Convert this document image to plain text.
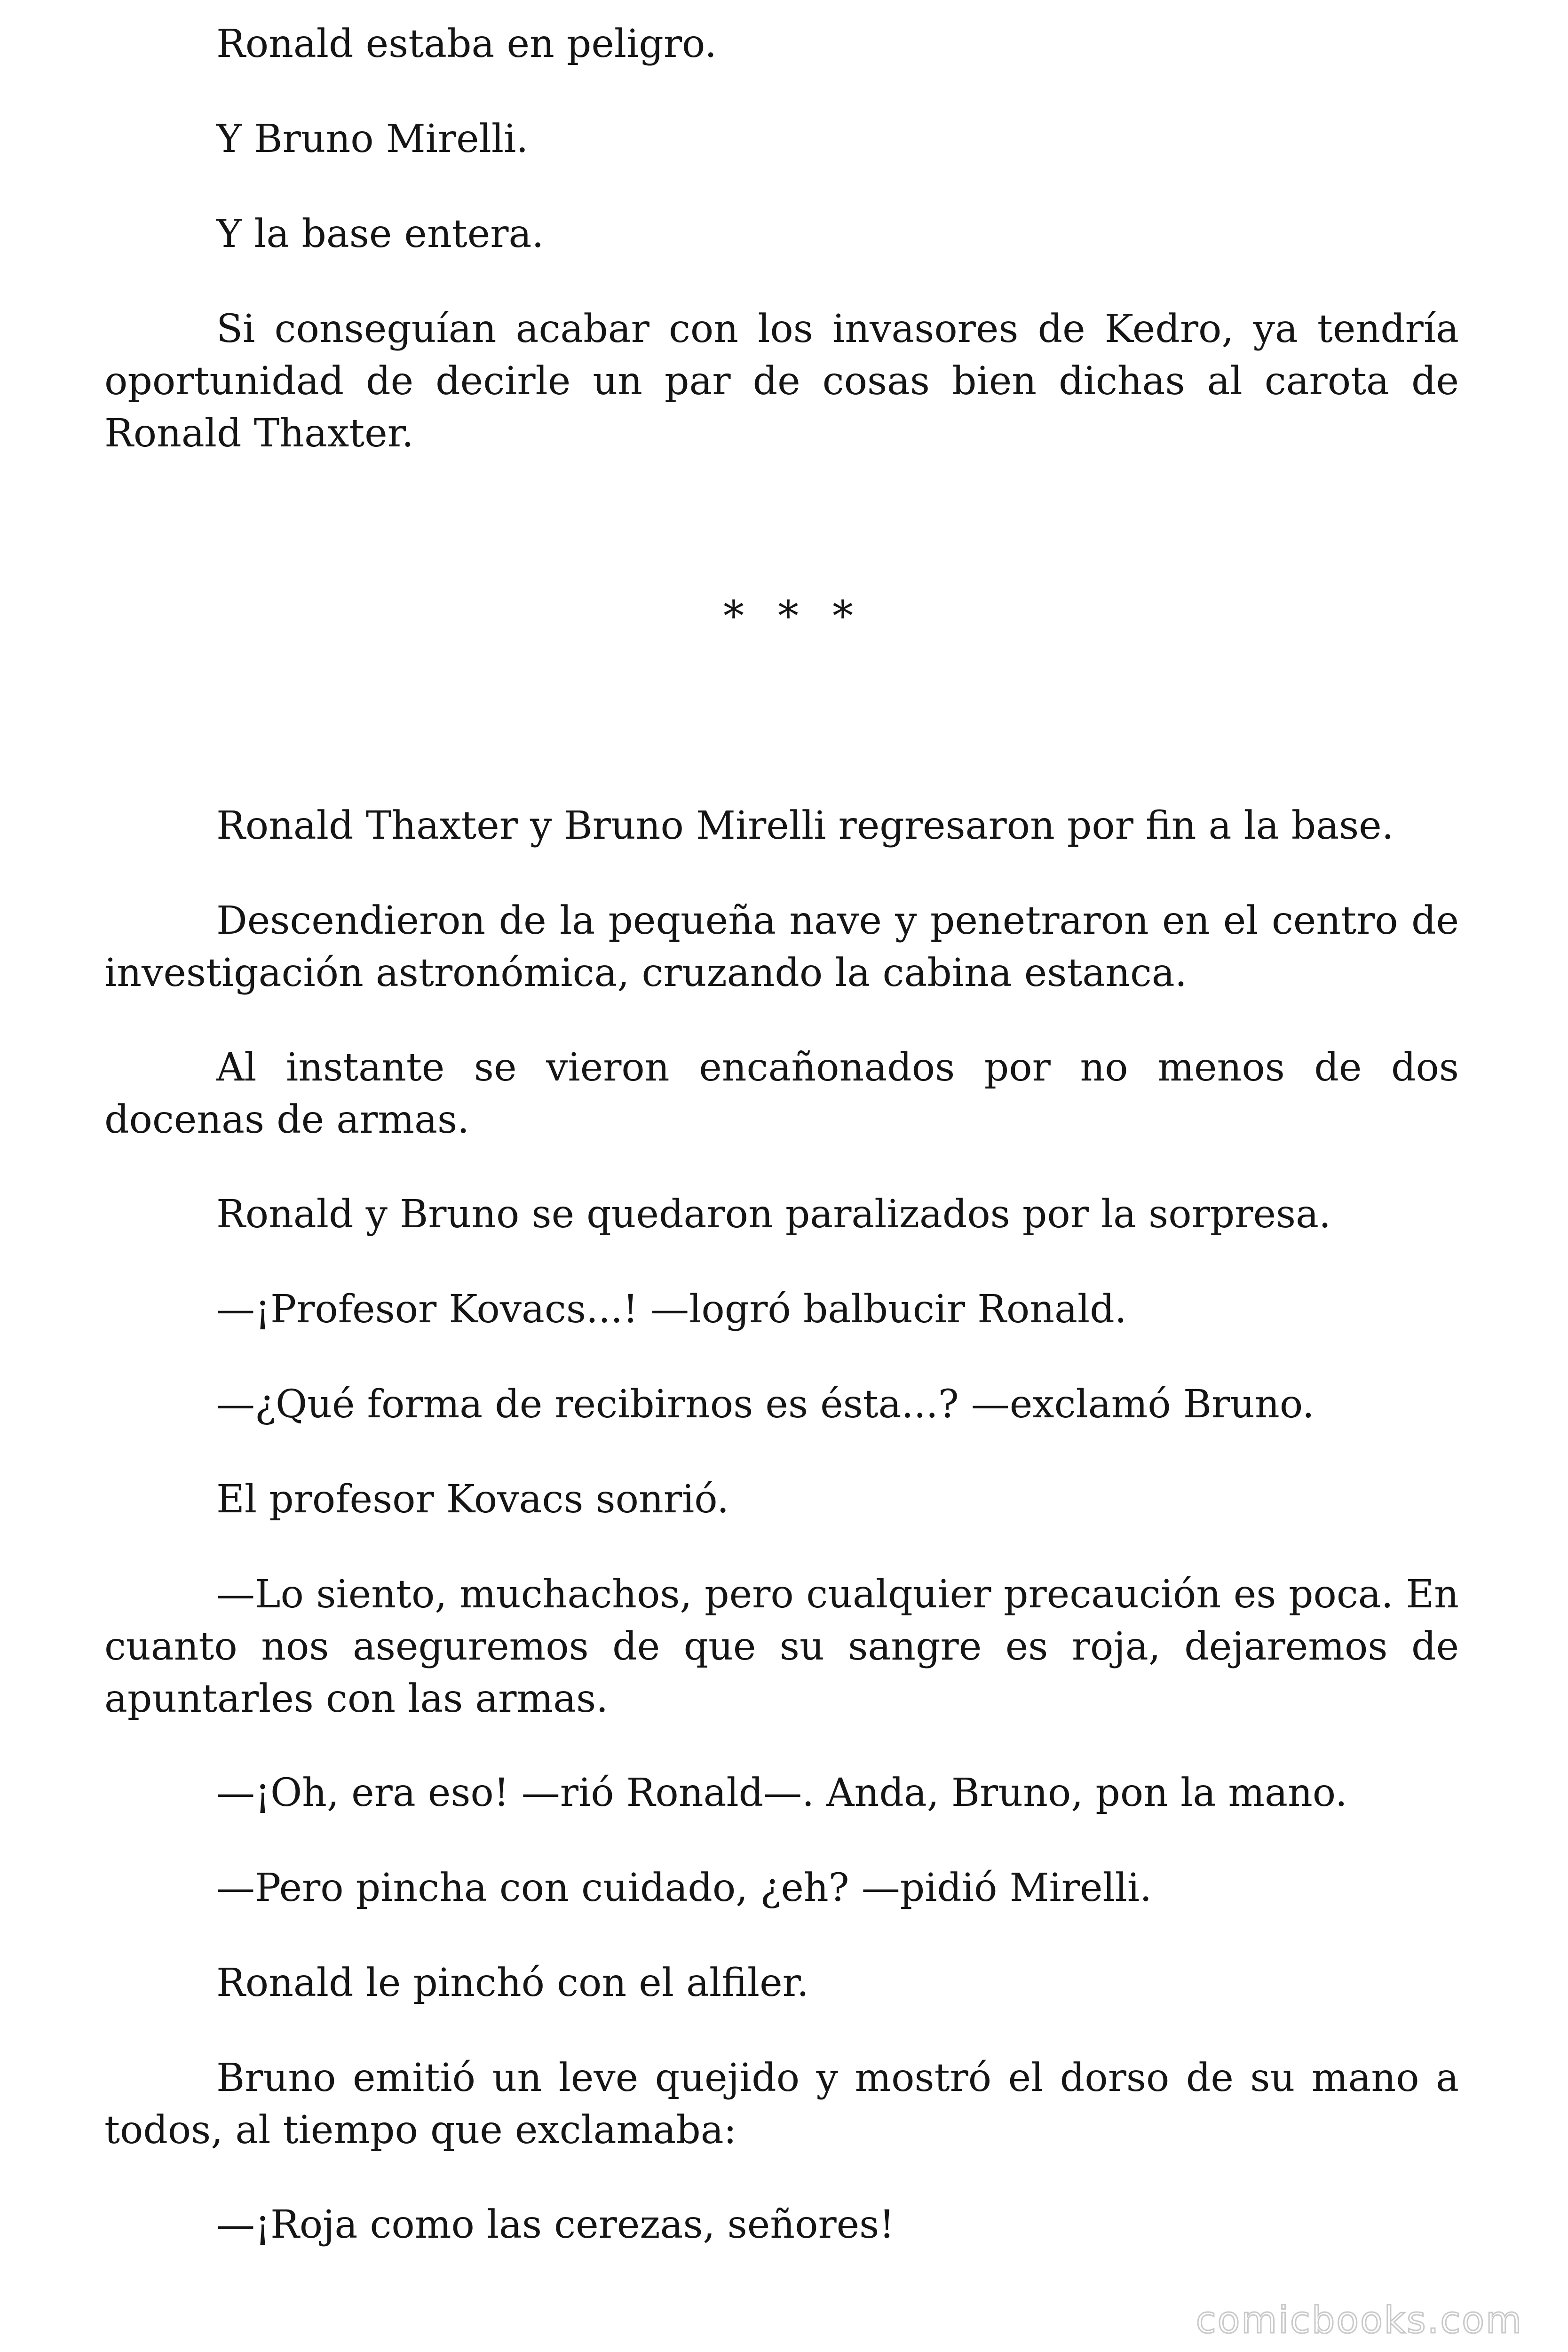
Ronald estaba en peligro.

Y Bruno Mirelli.

Y la base entera.

Si conseguían acabar con los invasores de Kedro, ya tendría oportunidad de decirle un par de cosas bien dichas al carota de Ronald Thaxter.

Ronald Thaxter y Bruno Mirelli regresaron por fin a la base.

Descendieron de la pequeña nave y penetraron en el centro de investigación astronómica, cruzando la cabina estanca.

Al instante se vieron encañonados por no menos de dos docenas de armas.

Ronald y Bruno se quedaron paralizados por la sorpresa.

—¡Profesor Kovacs...! —logró balbucir Ronald.

—¿Qué forma de recibirnos es ésta...? —exclamó Bruno.

El profesor Kovacs sonrió.

—Lo siento, muchachos, pero cualquier precaución es poca. En cuanto nos aseguremos de que su sangre es roja, dejaremos de apuntarles con las armas.

—¡Oh, era eso! —rió Ronald—. Anda, Bruno, pon la mano.

—Pero pincha con cuidado, ¿eh? —pidió Mirelli.

Ronald le pinchó con el alfiler.

Bruno emitió un leve quejido y mostró el dorso de su mano a todos, al tiempo que exclamaba:

—¡Roja como las cerezas, señores!

* * *
comicbooks.com
